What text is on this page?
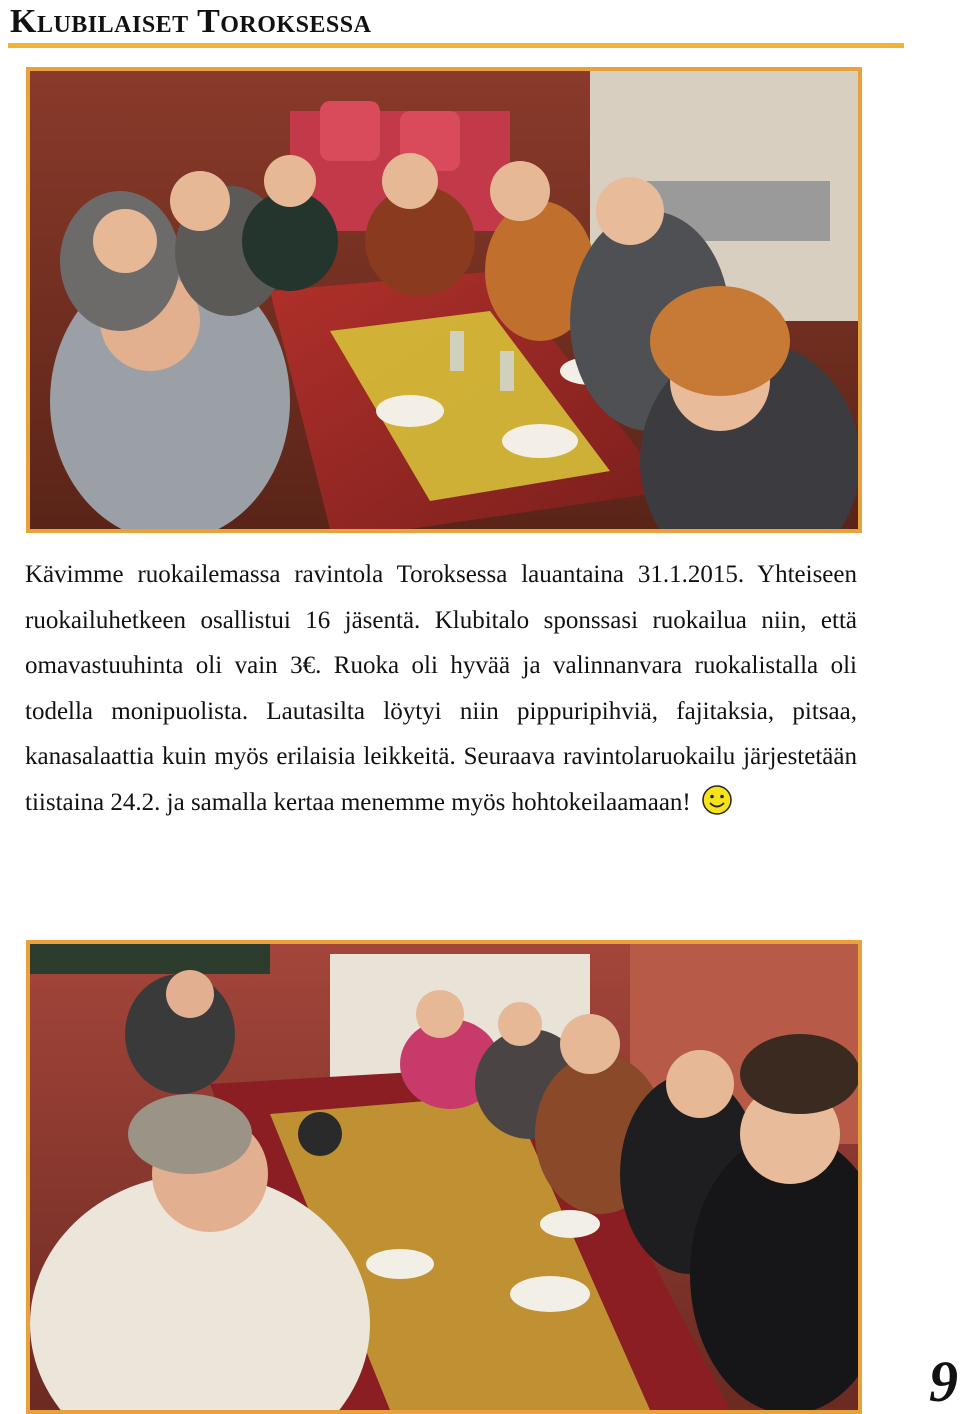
Klubilaiset Toroksessa

Kävimme ruokailemassa ravintola Toroksessa lauantaina 31.1.2015. Yhteiseen ruokailuhetkeen osallistui 16 jäsentä. Klubitalo sponssasi ruokailua niin, että omavastuuhinta oli vain 3€. Ruoka oli hyvää ja valinnanvara ruokalistalla oli todella monipuolista. Lautasilta löytyi niin pippuripihviä, fajitaksia, pitsaa, kanasalaattia kuin myös erilaisia leikkeitä. Seuraava ravintolaruokailu järjestetään tiistaina 24.2. ja samalla kertaa menemme myös hohtokeilaamaan!

9
